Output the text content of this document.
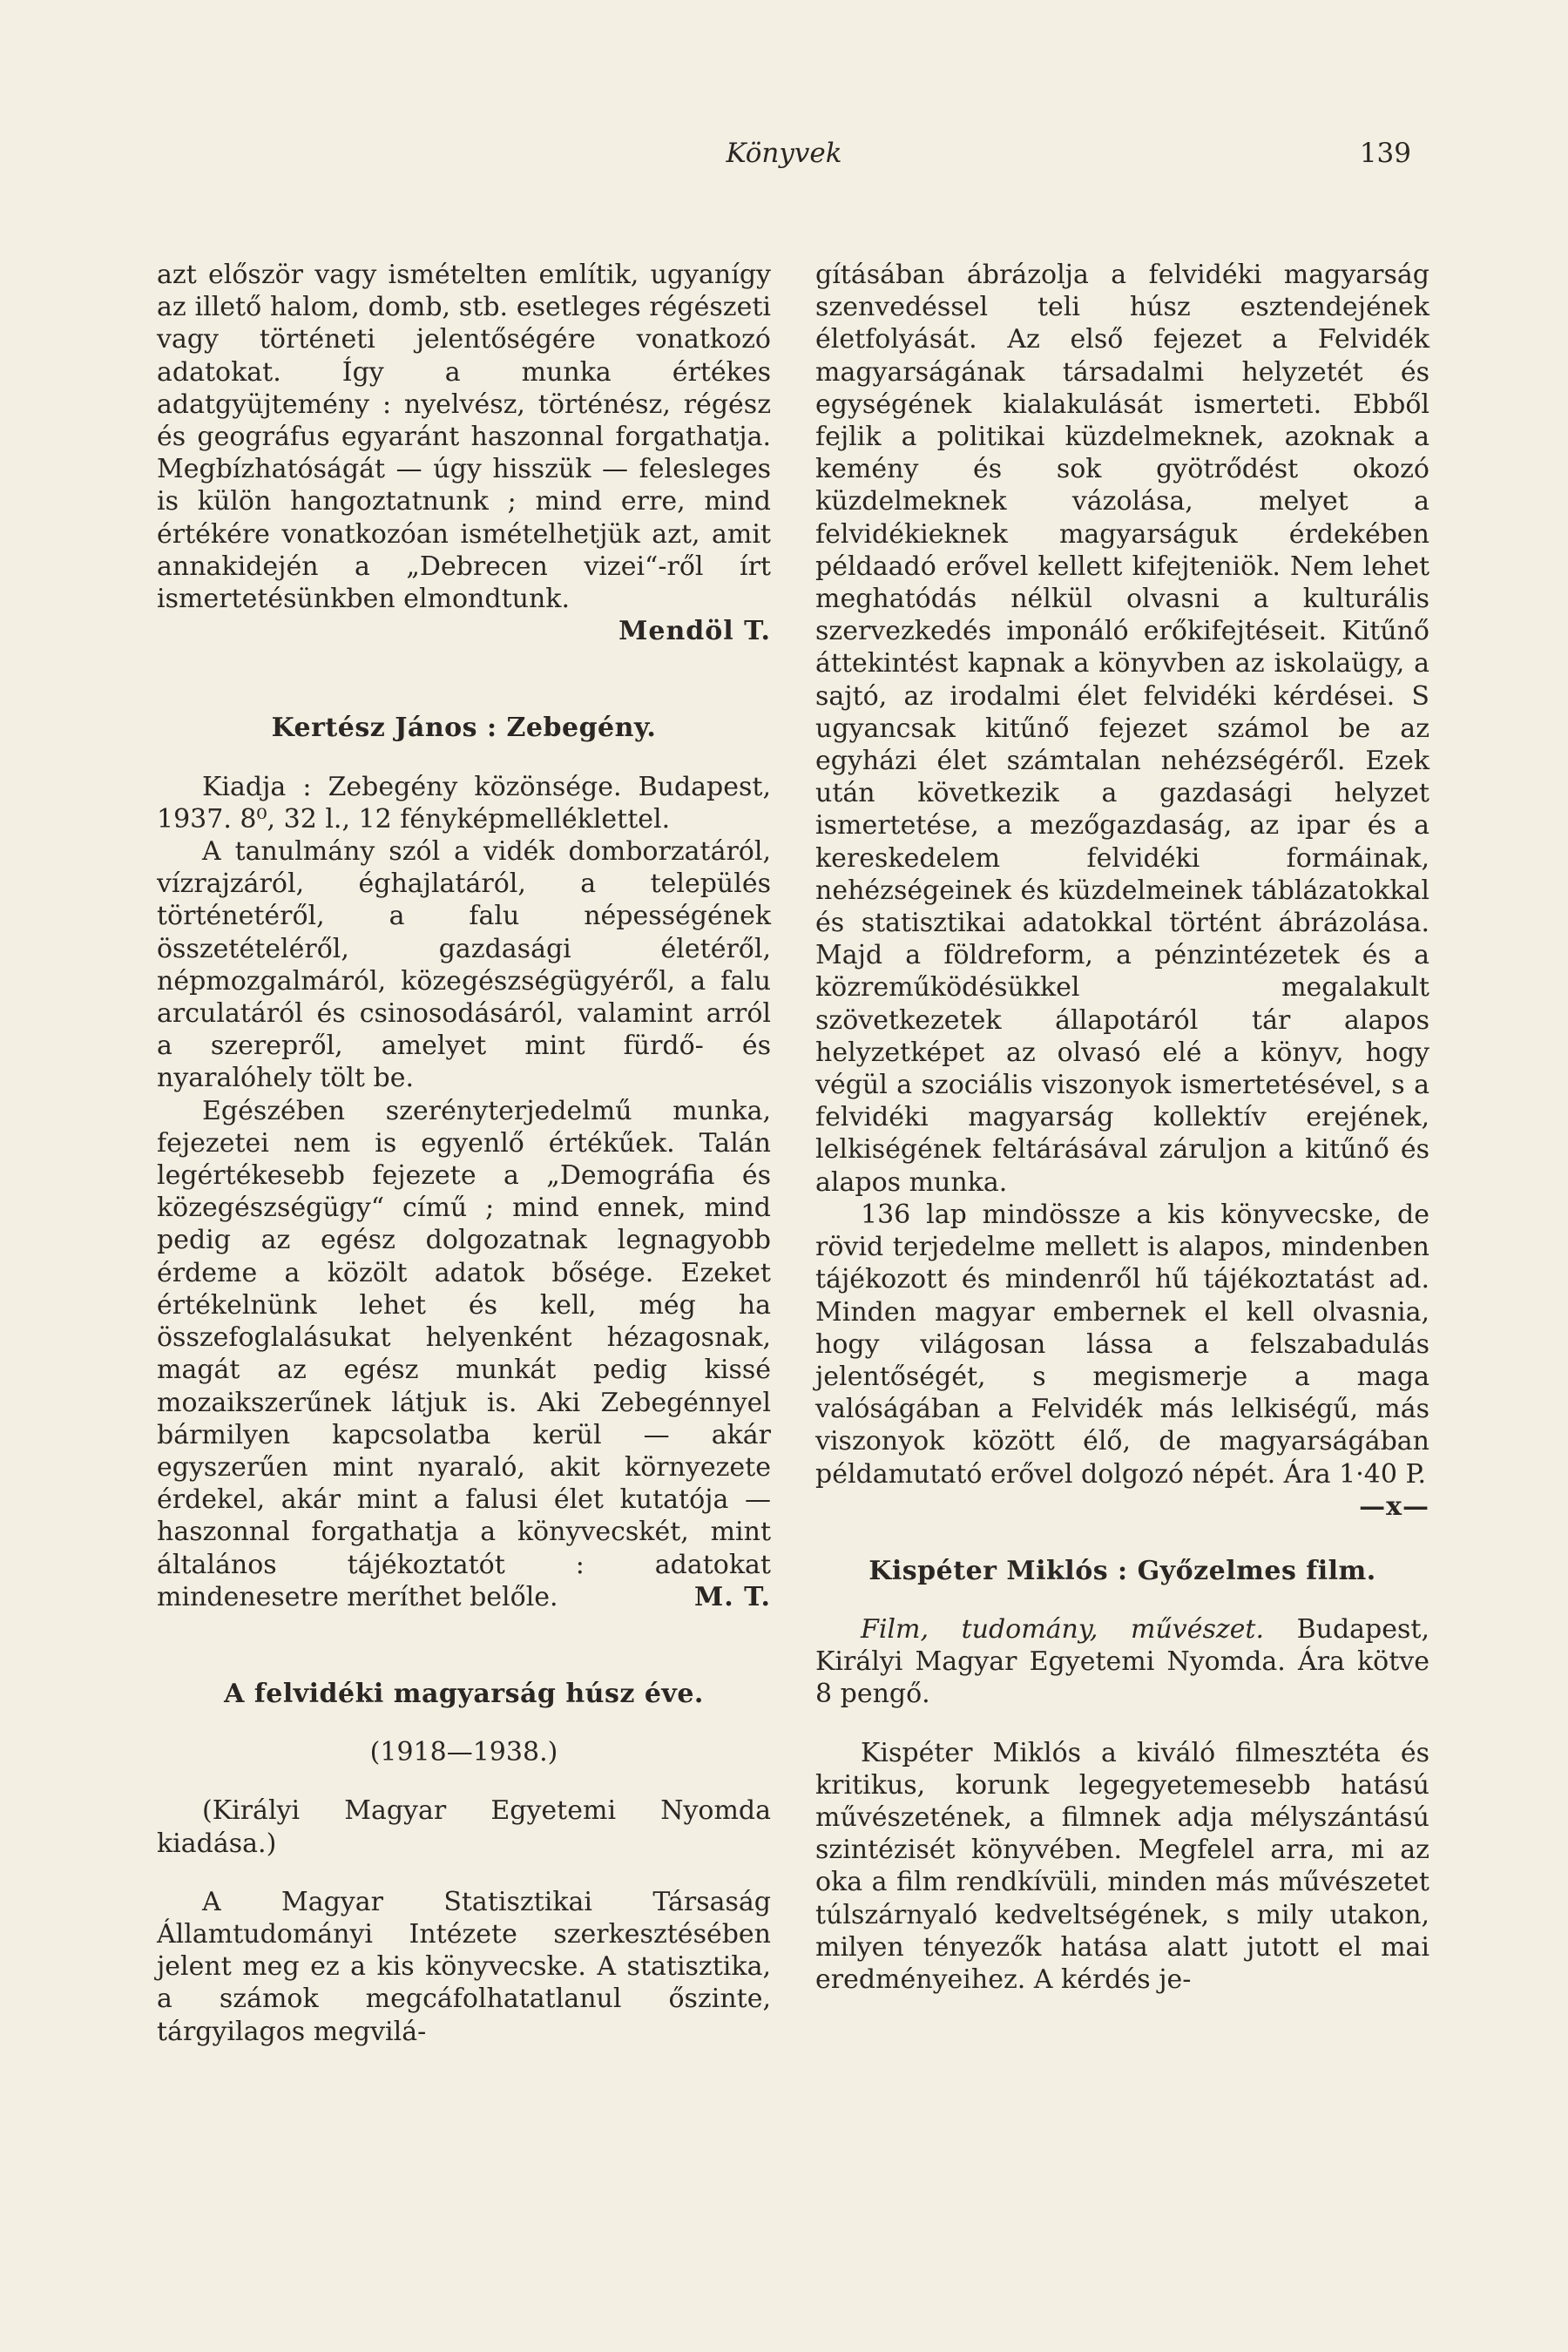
Könyvek	139

azt először vagy ismételten említik, ugyanígy az illető halom, domb, stb. esetleges régészeti vagy történeti jelentőségére vonatkozó adatokat. Így a munka értékes adatgyüjtemény : nyelvész, történész, régész és geográfus egyaránt haszonnal forgathatja. Megbízhatóságát — úgy hisszük — felesleges is külön hangoztatnunk ; mind erre, mind értékére vonatkozóan ismételhetjük azt, amit annakidején a „Debrecen vizei“-ről írt ismertetésünkben elmondtunk.

Mendöl T.

Kertész János : Zebegény.

Kiadja : Zebegény közönsége. Budapest, 1937. 8⁰, 32 l., 12 fényképmelléklettel.

A tanulmány szól a vidék domborzatáról, vízrajzáról, éghajlatáról, a település történetéről, a falu népességének összetételéről, gazdasági életéről, népmozgalmáról, közegészségügyéről, a falu arculatáról és csinosodásáról, valamint arról a szerepről, amelyet mint fürdő- és nyaralóhely tölt be.

Egészében szerényterjedelmű munka, fejezetei nem is egyenlő értékűek. Talán legértékesebb fejezete a „Demográfia és közegészségügy“ című ; mind ennek, mind pedig az egész dolgozatnak legnagyobb érdeme a közölt adatok bősége. Ezeket értékelnünk lehet és kell, még ha összefoglalásukat helyenként hézagosnak, magát az egész munkát pedig kissé mozaikszerűnek látjuk is. Aki Zebegénnyel bármilyen kapcsolatba kerül — akár egyszerűen mint nyaraló, akit környezete érdekel, akár mint a falusi élet kutatója — haszonnal forgathatja a könyvecskét, mint általános tájékoztatót : adatokat mindenesetre meríthet belőle.	M. T.

A felvidéki magyarság húsz éve.

(1918—1938.)

(Királyi Magyar Egyetemi Nyomda kiadása.)

A Magyar Statisztikai Társaság Államtudományi Intézete szerkesztésében jelent meg ez a kis könyvecske. A statisztika, a számok megcáfolhatatlanul őszinte, tárgyilagos megvilá-

gításában ábrázolja a felvidéki magyarság szenvedéssel teli húsz esztendejének életfolyását. Az első fejezet a Felvidék magyarságának társadalmi helyzetét és egységének kialakulását ismerteti. Ebből fejlik a politikai küzdelmeknek, azoknak a kemény és sok gyötrődést okozó küzdelmeknek vázolása, melyet a felvidékieknek magyarságuk érdekében példaadó erővel kellett kifejteniök. Nem lehet meghatódás nélkül olvasni a kulturális szervezkedés imponáló erőkifejtéseit. Kitűnő áttekintést kapnak a könyvben az iskolaügy, a sajtó, az irodalmi élet felvidéki kérdései. S ugyancsak kitűnő fejezet számol be az egyházi élet számtalan nehézségéről. Ezek után következik a gazdasági helyzet ismertetése, a mezőgazdaság, az ipar és a kereskedelem felvidéki formáinak, nehézségeinek és küzdelmeinek táblázatokkal és statisztikai adatokkal történt ábrázolása. Majd a földreform, a pénzintézetek és a közreműködésükkel megalakult szövetkezetek állapotáról tár alapos helyzetképet az olvasó elé a könyv, hogy végül a szociális viszonyok ismertetésével, s a felvidéki magyarság kollektív erejének, lelkiségének feltárásával záruljon a kitűnő és alapos munka.

136 lap mindössze a kis könyvecske, de rövid terjedelme mellett is alapos, mindenben tájékozott és mindenről hű tájékoztatást ad. Minden magyar embernek el kell olvasnia, hogy világosan lássa a felszabadulás jelentőségét, s megismerje a maga valóságában a Felvidék más lelkiségű, más viszonyok között élő, de magyarságában példamutató erővel dolgozó népét. Ára 1·40 P.
—x—

Kispéter Miklós : Győzelmes film.

Film, tudomány, művészet. Budapest, Királyi Magyar Egyetemi Nyomda. Ára kötve 8 pengő.

Kispéter Miklós a kiváló filmesztéta és kritikus, korunk legegyetemesebb hatású művészetének, a filmnek adja mélyszántású szintézisét könyvében. Megfelel arra, mi az oka a film rendkívüli, minden más művészetet túlszárnyaló kedveltségének, s mily utakon, milyen tényezők hatása alatt jutott el mai eredményeihez. A kérdés je-
